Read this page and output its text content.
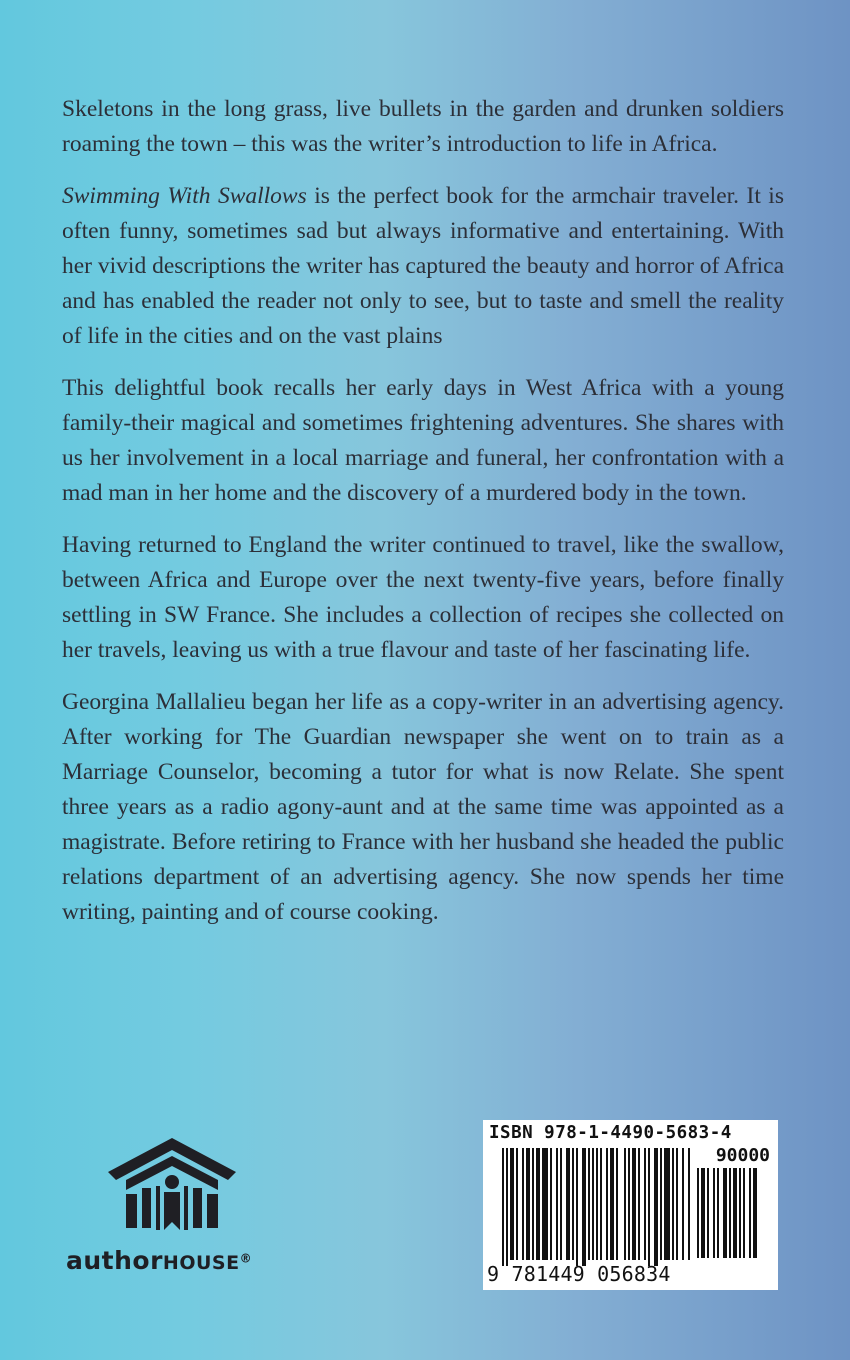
Skeletons in the long grass, live bullets in the garden and drunken soldiers roaming the town – this was the writer’s introduction to life in Africa.

Swimming With Swallows is the perfect book for the armchair traveler. It is often funny, sometimes sad but always informative and entertaining. With her vivid descriptions the writer has captured the beauty and horror of Africa and has enabled the reader not only to see, but to taste and smell the reality of life in the cities and on the vast plains

This delightful book recalls her early days in West Africa with a young family-their magical and sometimes frightening adventures. She shares with us her involvement in a local marriage and funeral, her confrontation with a mad man in her home and the discovery of a murdered body in the town.

Having returned to England the writer continued to travel, like the swallow, between Africa and Europe over the next twenty-five years, before finally settling in SW France. She includes a collection of recipes she collected on her travels, leaving us with a true flavour and taste of her fascinating life.

Georgina Mallalieu began her life as a copy-writer in an advertising agency. After working for The Guardian newspaper she went on to train as a Marriage Counselor, becoming a tutor for what is now Relate. She spent three years as a radio agony-aunt and at the same time was appointed as a magistrate. Before retiring to France with her husband she headed the public relations department of an advertising agency. She now spends her time writing, painting and of course cooking.

authorHOUSE®
ISBN 978-1-4490-5683-4
90000
9 781449 056834
